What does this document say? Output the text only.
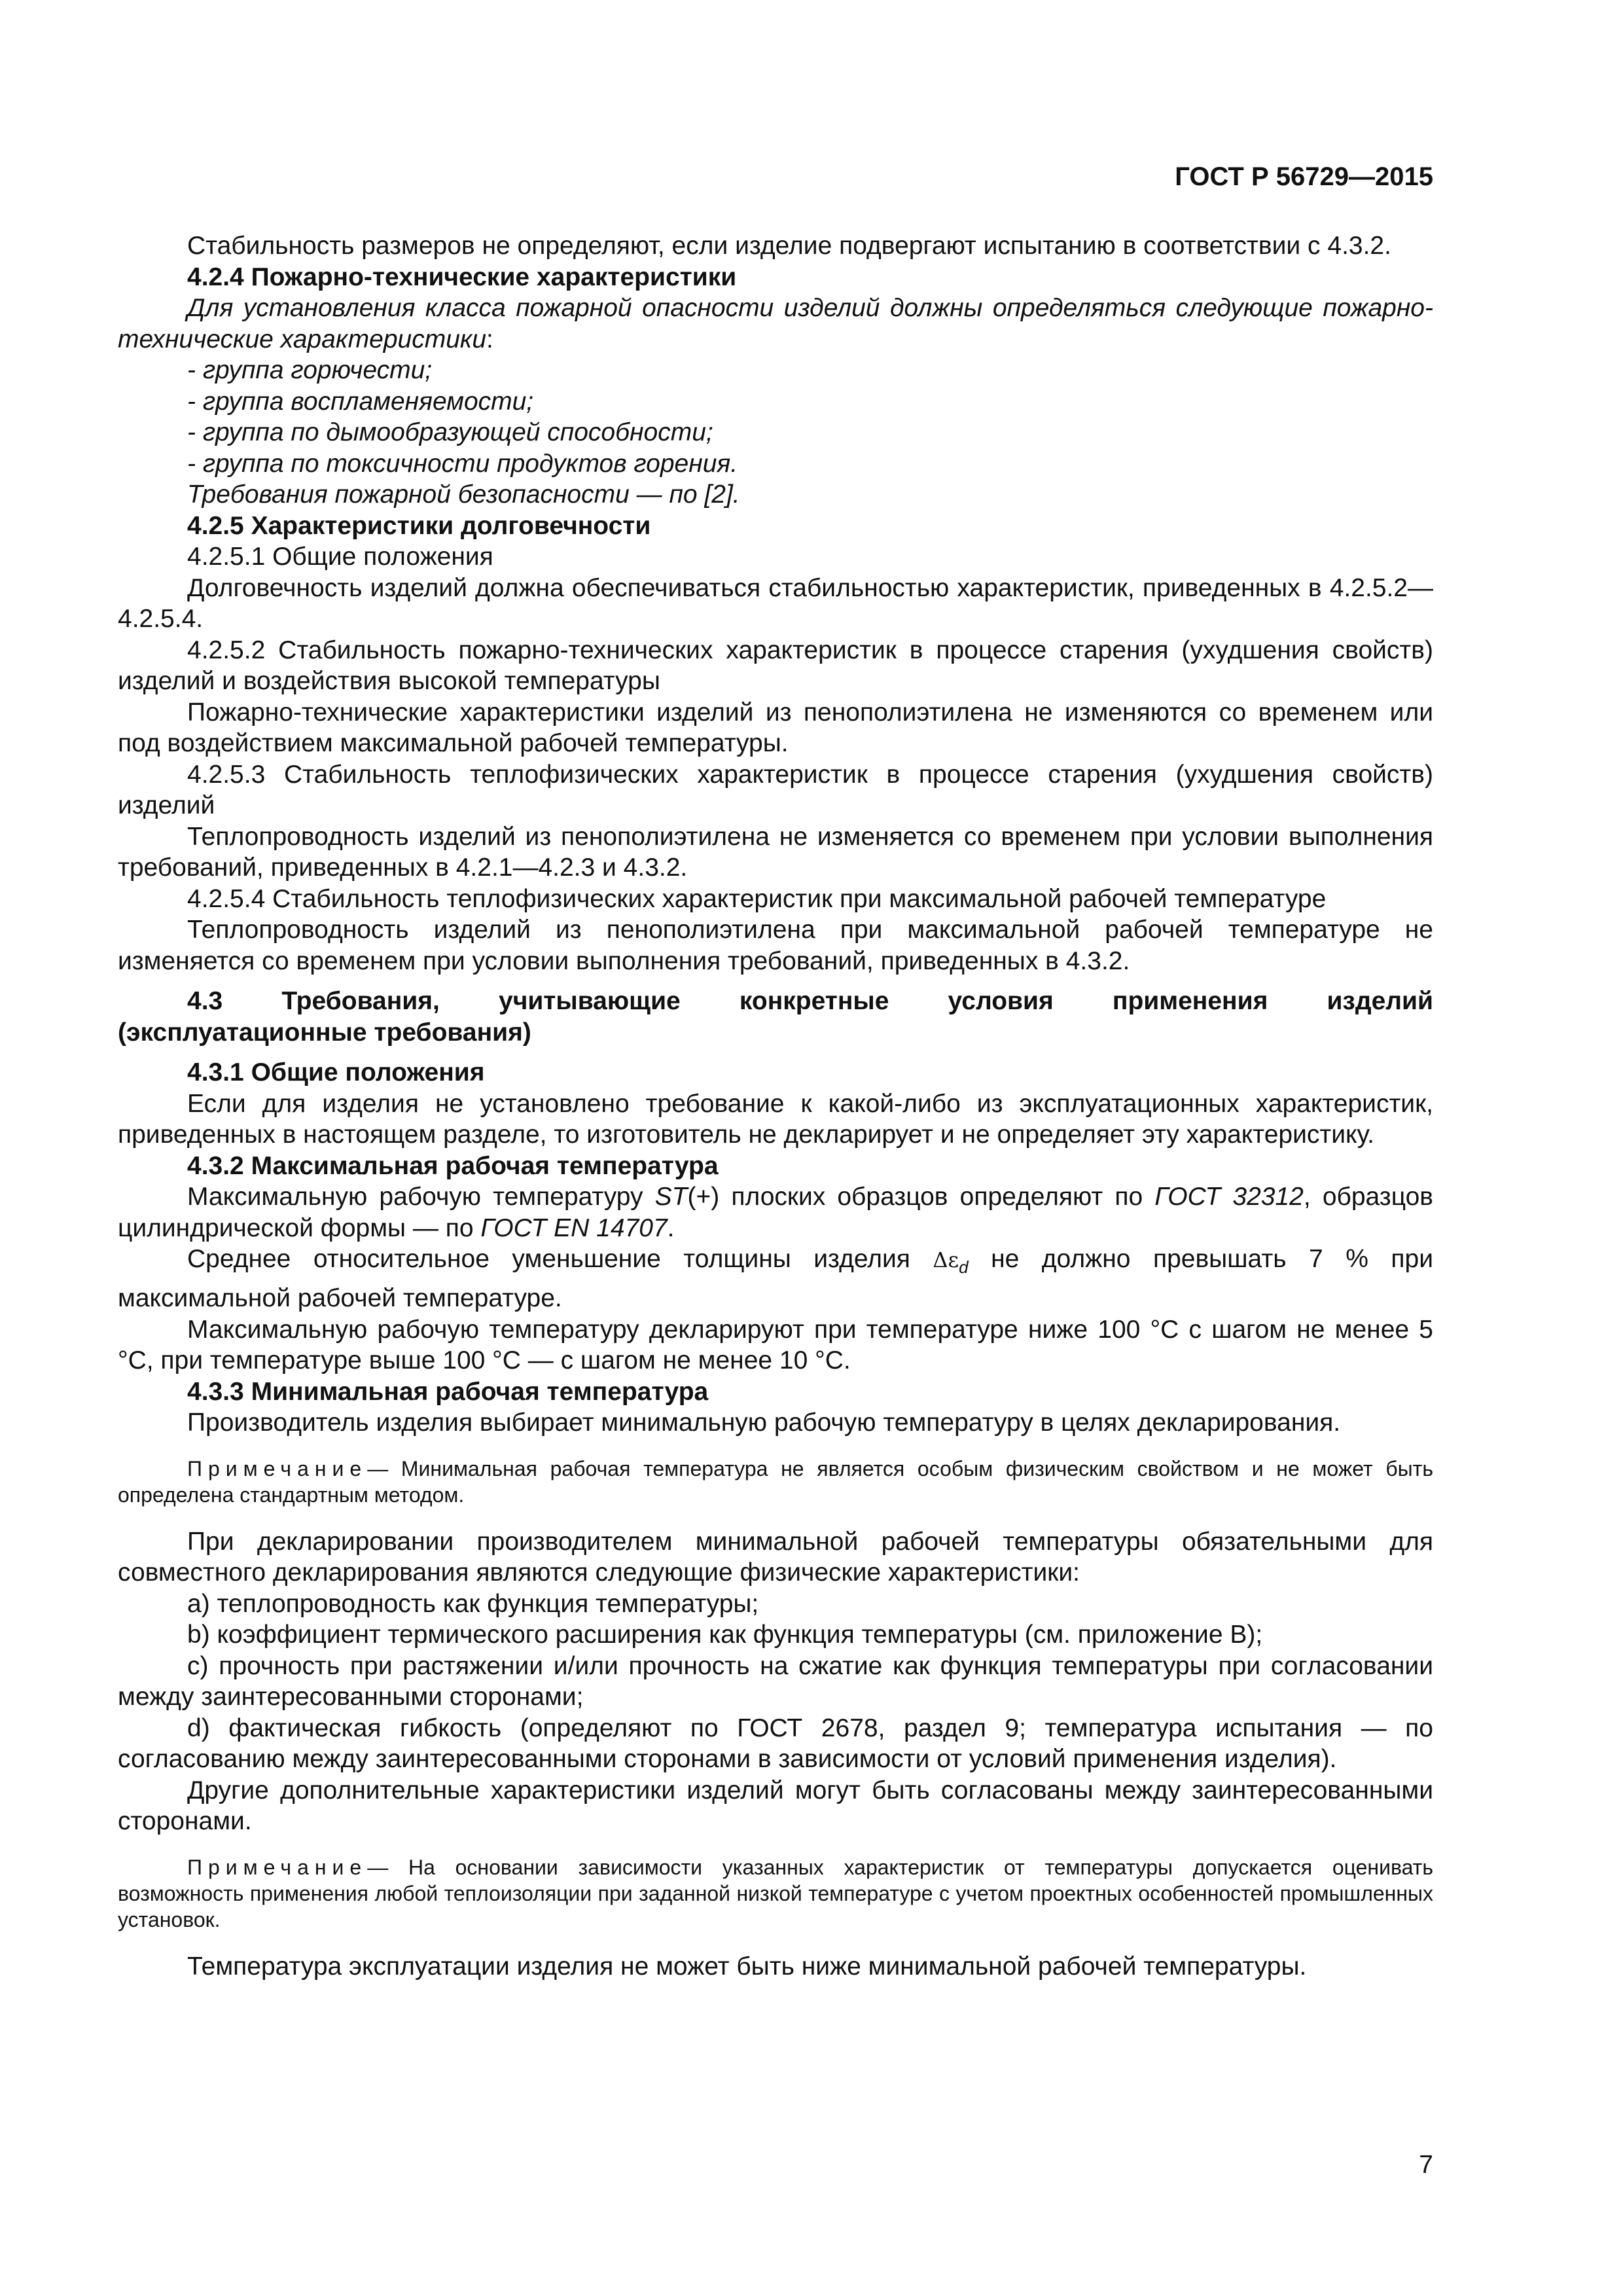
ГОСТ Р 56729—2015

Стабильность размеров не определяют, если изделие подвергают испытанию в соответствии с 4.3.2.

4.2.4 Пожарно-технические характеристики

Для установления класса пожарной опасности изделий должны определяться следующие пожарно-технические характеристики:

- группа горючести;

- группа воспламеняемости;

- группа по дымообразующей способности;

- группа по токсичности продуктов горения.

Требования пожарной безопасности — по [2].

4.2.5 Характеристики долговечности

4.2.5.1 Общие положения

Долговечность изделий должна обеспечиваться стабильностью характеристик, приведенных в 4.2.5.2—4.2.5.4.

4.2.5.2 Стабильность пожарно-технических характеристик в процессе старения (ухудшения свойств) изделий и воздействия высокой температуры

Пожарно-технические характеристики изделий из пенополиэтилена не изменяются со временем или под воздействием максимальной рабочей температуры.

4.2.5.3 Стабильность теплофизических характеристик в процессе старения (ухудшения свойств) изделий

Теплопроводность изделий из пенополиэтилена не изменяется со временем при условии выполнения требований, приведенных в 4.2.1—4.2.3 и 4.3.2.

4.2.5.4 Стабильность теплофизических характеристик при максимальной рабочей температуре

Теплопроводность изделий из пенополиэтилена при максимальной рабочей температуре не изменяется со временем при условии выполнения требований, приведенных в 4.3.2.

4.3 Требования, учитывающие конкретные условия применения изделий

(эксплуатационные требования)

4.3.1 Общие положения

Если для изделия не установлено требование к какой-либо из эксплуатационных характеристик, приведенных в настоящем разделе, то изготовитель не декларирует и не определяет эту характеристику.

4.3.2 Максимальная рабочая температура

Максимальную рабочую температуру ST(+) плоских образцов определяют по ГОСТ 32312, образцов цилиндрической формы — по ГОСТ EN 14707.

Среднее относительное уменьшение толщины изделия $\Delta\varepsilon_d$ не должно превышать 7 % при максимальной рабочей температуре.

Максимальную рабочую температуру декларируют при температуре ниже 100 °С с шагом не менее 5 °С, при температуре выше 100 °С — с шагом не менее 10 °С.

4.3.3 Минимальная рабочая температура

Производитель изделия выбирает минимальную рабочую температуру в целях декларирования.

Примечание— Минимальная рабочая температура не является особым физическим свойством и не может быть определена стандартным методом.

При декларировании производителем минимальной рабочей температуры обязательными для совместного декларирования являются следующие физические характеристики:

a) теплопроводность как функция температуры;

b) коэффициент термического расширения как функция температуры (см. приложение В);

c) прочность при растяжении и/или прочность на сжатие как функция температуры при согласовании между заинтересованными сторонами;

d) фактическая гибкость (определяют по ГОСТ 2678, раздел 9; температура испытания — по согласованию между заинтересованными сторонами в зависимости от условий применения изделия).

Другие дополнительные характеристики изделий могут быть согласованы между заинтересованными сторонами.

Примечание— На основании зависимости указанных характеристик от температуры допускается оценивать возможность применения любой теплоизоляции при заданной низкой температуре с учетом проектных особенностей промышленных установок.

Температура эксплуатации изделия не может быть ниже минимальной рабочей температуры.

7
